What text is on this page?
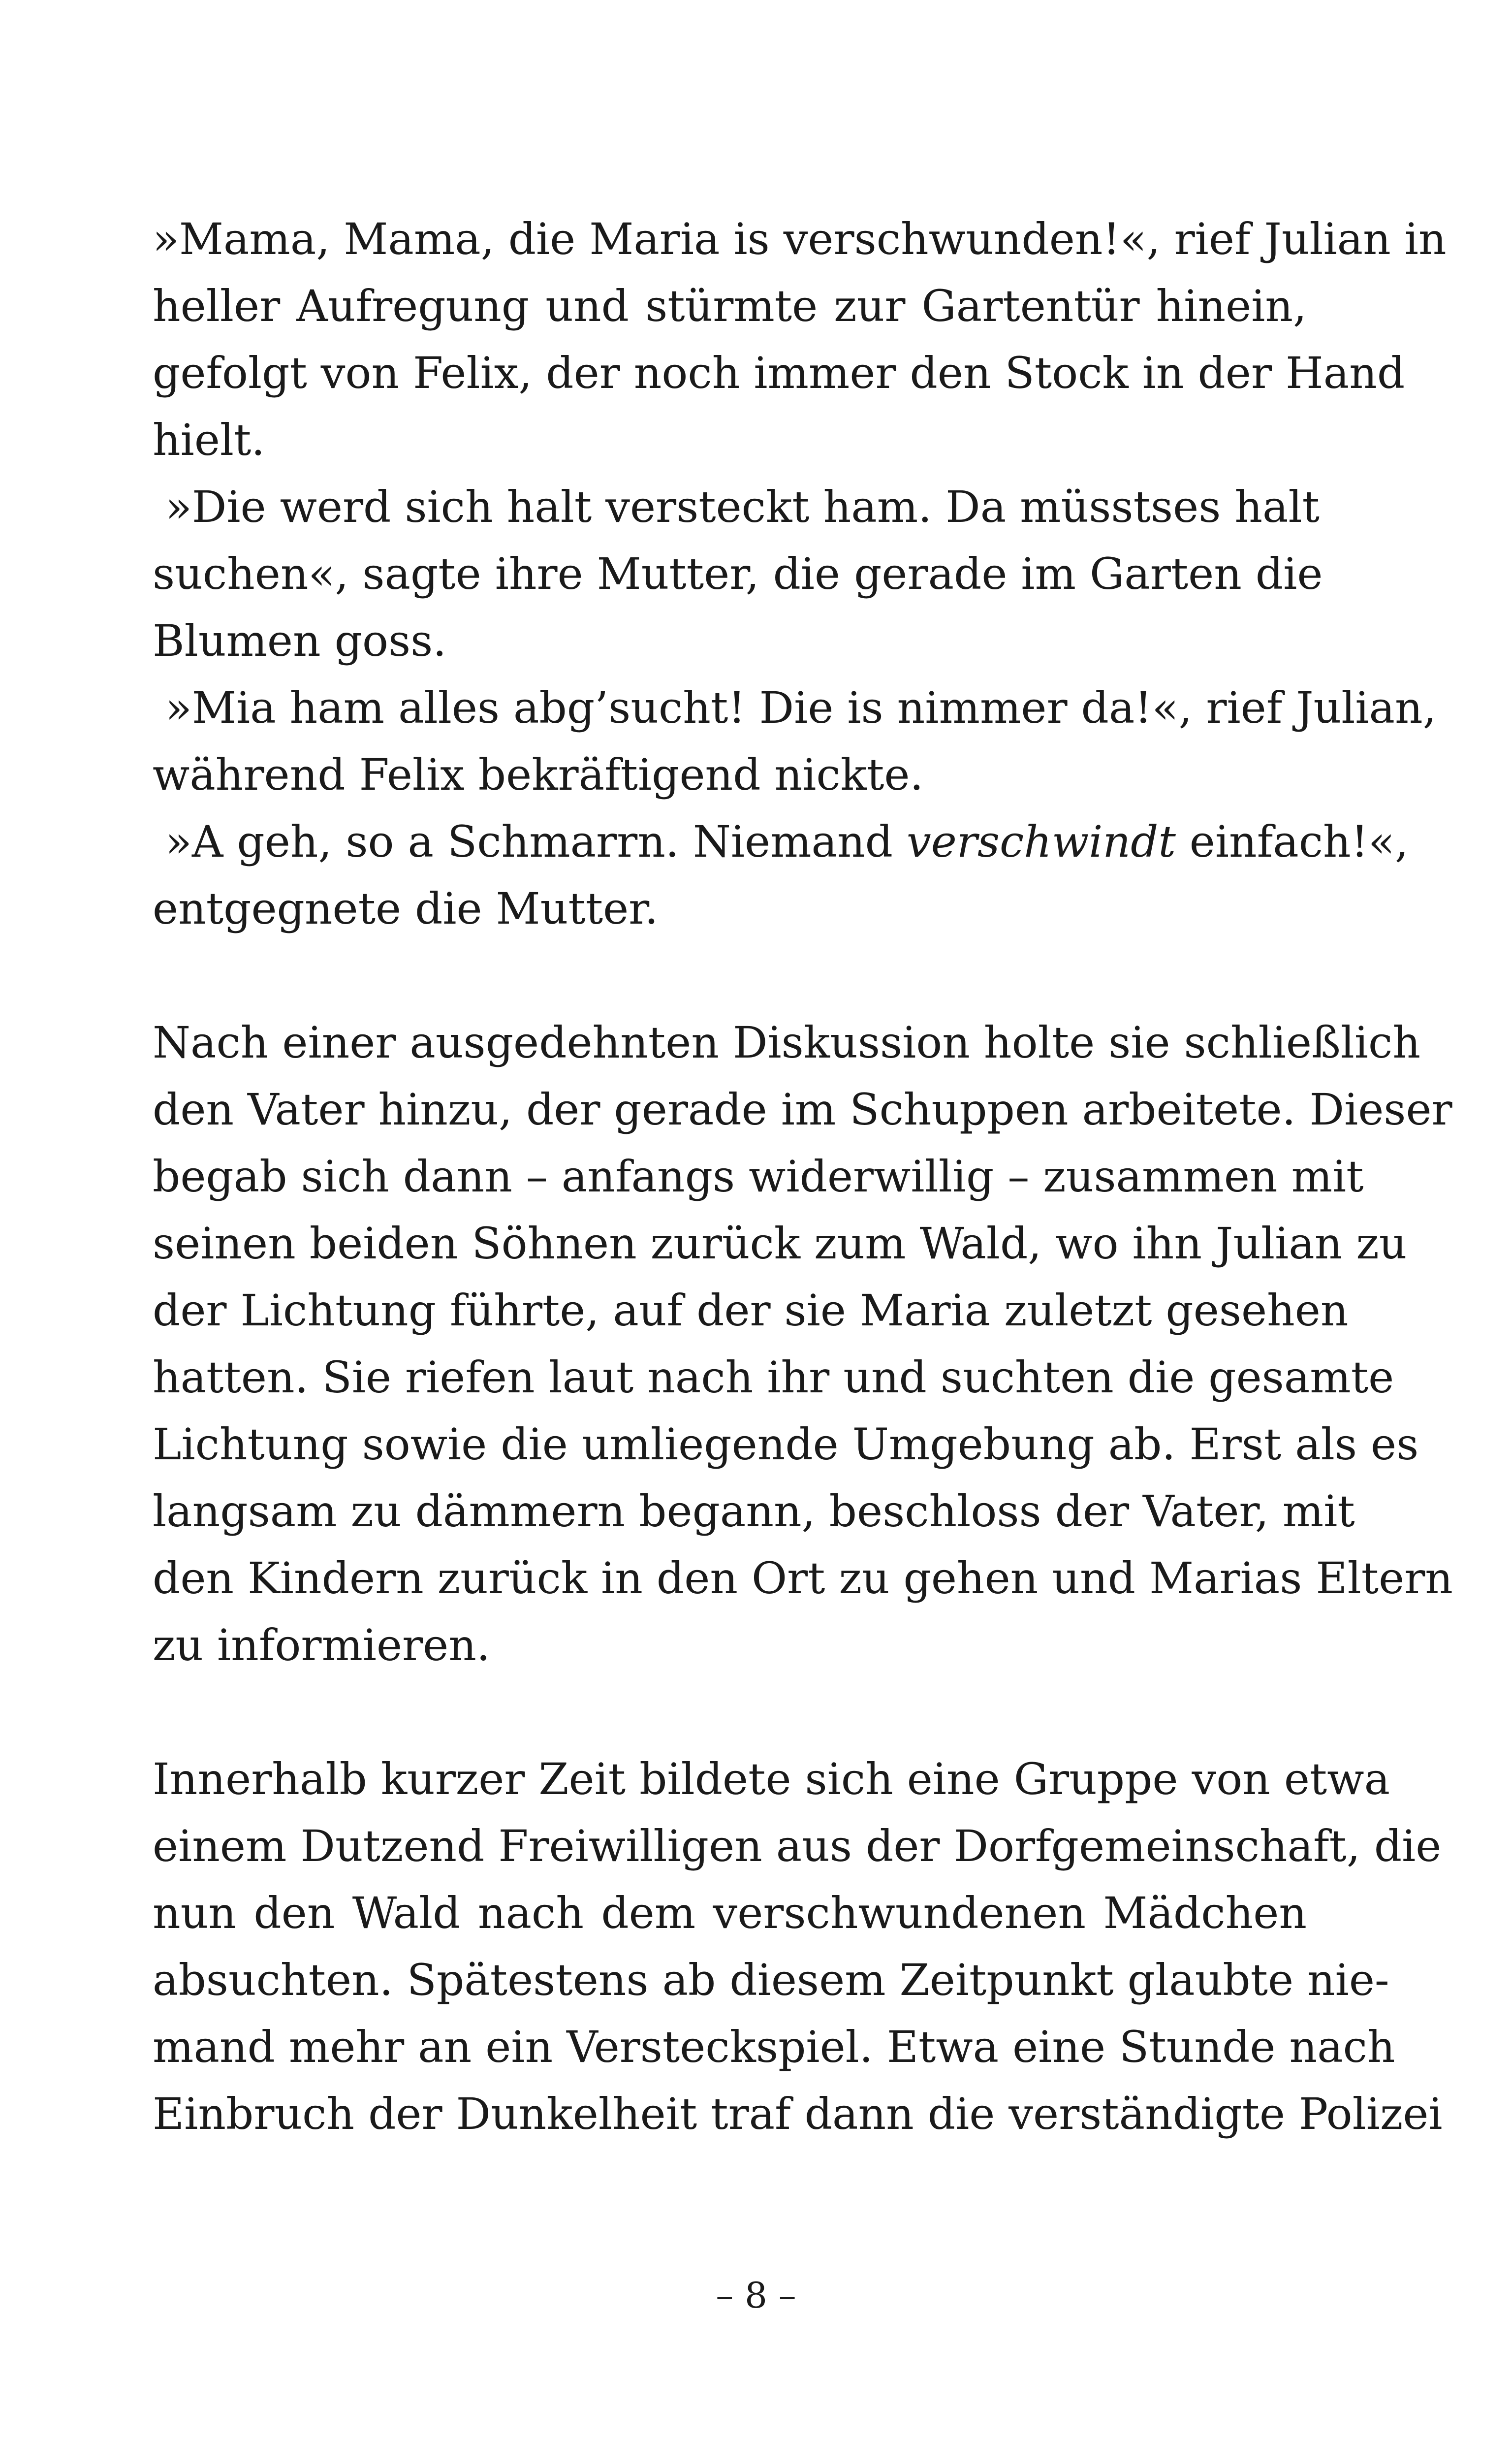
»Mama, Mama, die Maria is verschwunden!«, rief Julian in
heller Aufregung und stürmte zur Gartentür hinein,
gefolgt von Felix, der noch immer den Stock in der Hand
hielt.
»Die werd sich halt versteckt ham. Da müsstses halt
suchen«, sagte ihre Mutter, die gerade im Garten die
Blumen goss.
»Mia ham alles abg’sucht! Die is nimmer da!«, rief Julian,
während Felix bekräftigend nickte.
»A geh, so a Schmarrn. Niemand verschwindt einfach!«,
entgegnete die Mutter.
Nach einer ausgedehnten Diskussion holte sie schließlich
den Vater hinzu, der gerade im Schuppen arbeitete. Dieser
begab sich dann – anfangs widerwillig – zusammen mit
seinen beiden Söhnen zurück zum Wald, wo ihn Julian zu
der Lichtung führte, auf der sie Maria zuletzt gesehen
hatten. Sie riefen laut nach ihr und suchten die gesamte
Lichtung sowie die umliegende Umgebung ab. Erst als es
langsam zu dämmern begann, beschloss der Vater, mit
den Kindern zurück in den Ort zu gehen und Marias Eltern
zu informieren.
Innerhalb kurzer Zeit bildete sich eine Gruppe von etwa
einem Dutzend Freiwilligen aus der Dorfgemeinschaft, die
nun den Wald nach dem verschwundenen Mädchen
absuchten. Spätestens ab diesem Zeitpunkt glaubte nie-
mand mehr an ein Versteckspiel. Etwa eine Stunde nach
Einbruch der Dunkelheit traf dann die verständigte Polizei
– 8 –
